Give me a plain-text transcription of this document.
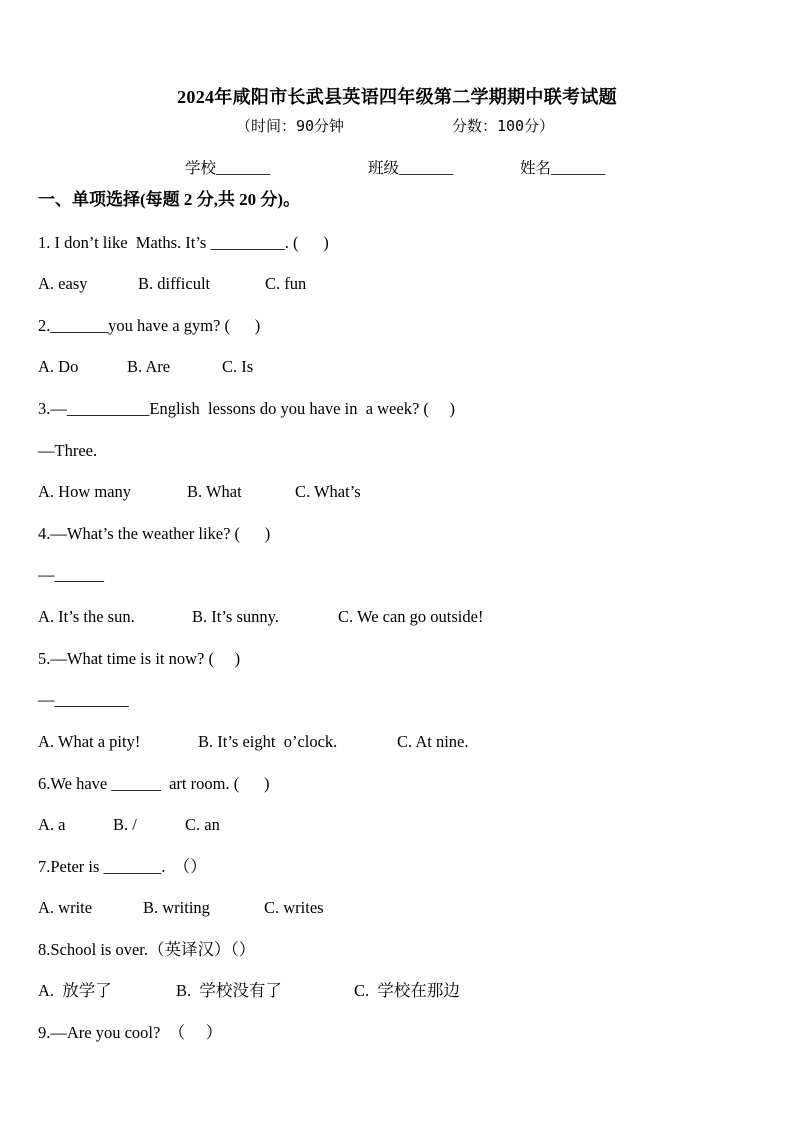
2024年咸阳市长武县英语四年级第二学期期中联考试题
（时间：90分钟	分数：100分）
学校_______	班级_______	姓名_______
一、单项选择(每题 2 分,共 20 分)。
1. I don’t like  Maths. It’s _________. (      )
A. easy	B. difficult	C. fun
2._______you have a gym? (      )
A. Do	B. Are	C. Is
3.—__________English  lessons do you have in  a week? (     )
—Three.
A. How many	B. What	C. What’s
4.—What’s the weather like? (      )
—______
A. It’s the sun.	B. It’s sunny.	C. We can go outside!
5.—What time is it now? (     )
—_________
A. What a pity!	B. It’s eight  o’clock.	C. At nine.
6.We have ______  art room. (      )
A. a	B. /	C. an
7.Peter is _______.  （）
A. write	B. writing	C. writes
8.School is over.（英译汉）（）
A.  放学了	B.  学校没有了	C.  学校在那边
9.—Are you cool?  （     ）
